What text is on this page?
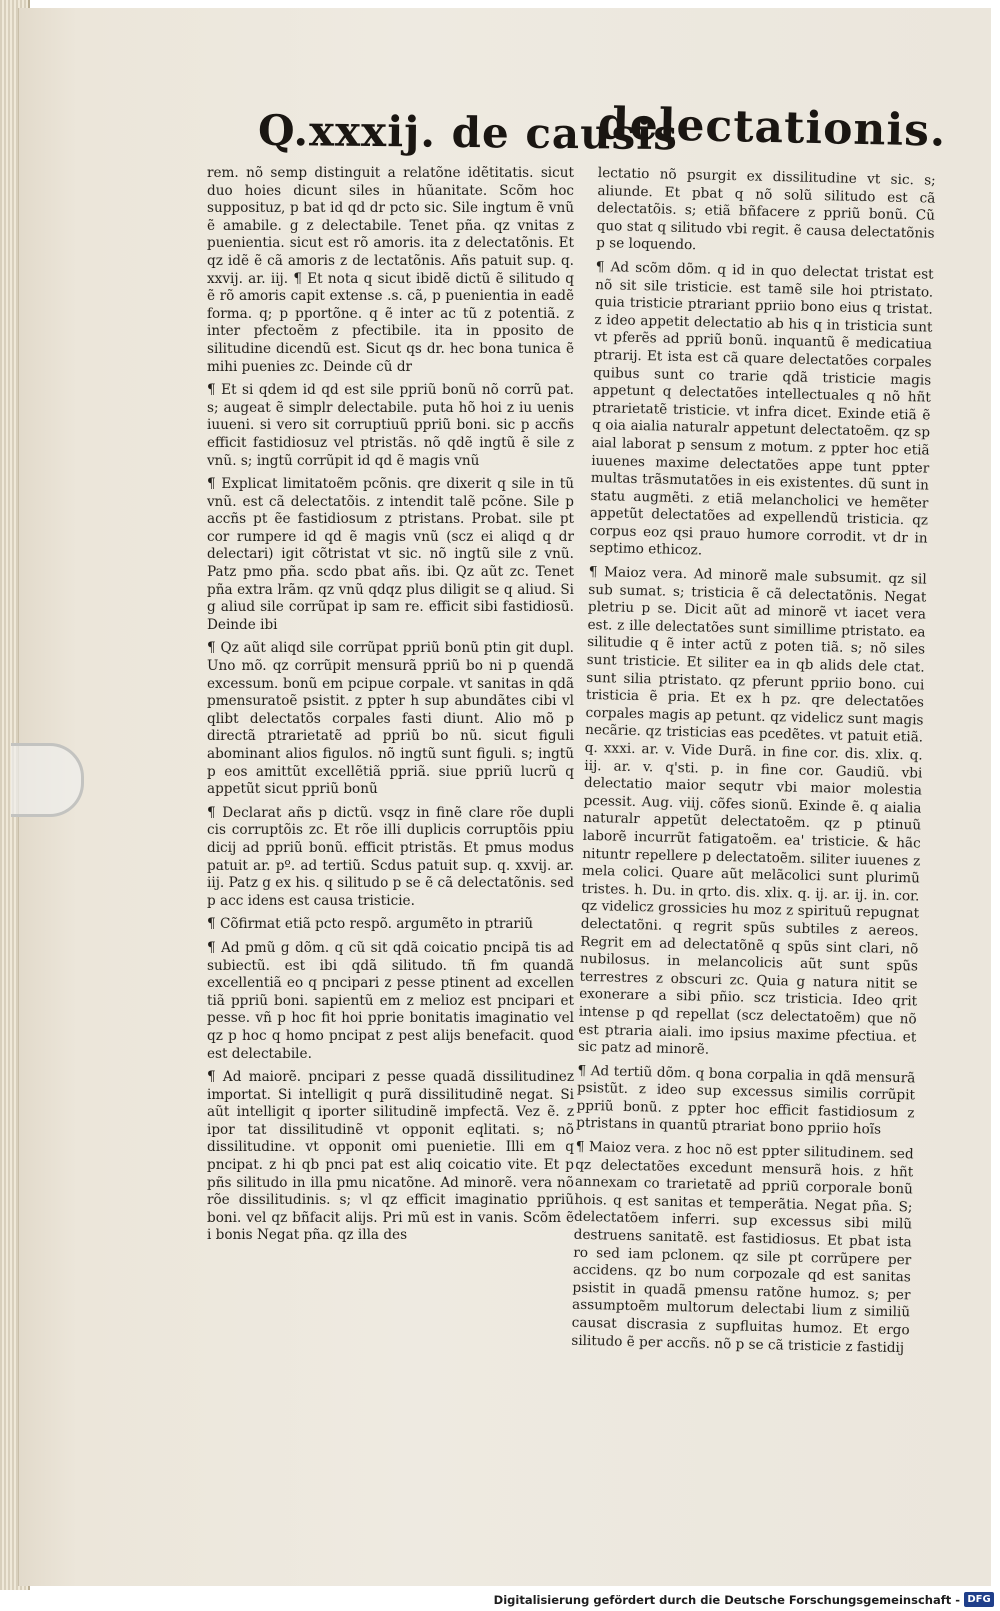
Q.xxxij. de causis
delectationis.

rem. nõ semp distinguit a relatõne idẽtitatis. sicut duo hoies dicunt siles in hũanitate. Scõm hoc supposituz, p bat id qd dr pcto sic. Sile ingtum ẽ vnũ ẽ amabile. g z delectabile. Tenet pña. qz vnitas z puenientia. sicut est rõ amoris. ita z delectatõnis. Et qz idẽ ẽ cã amoris z de lectatõnis. Añs patuit sup. q. xxvij. ar. iij. ¶ Et nota q sicut ibidẽ dictũ ẽ silitudo q ẽ rõ amoris capit extense .s. cã, p puenientia in eadẽ forma. q; p pportõne. q ẽ inter ac tũ z potentiã. z inter pfectoẽm z pfectibile. ita in pposito de silitudine dicendũ est. Sicut qs dr. hec bona tunica ẽ mihi puenies zc. Deinde cũ dr

¶ Et si qdem id qd est sile ppriũ bonũ nõ corrũ pat. s; augeat ẽ simplr delectabile. puta hõ hoi z iu uenis iuueni. si vero sit corruptiuũ ppriũ boni. sic p accñs efficit fastidiosuz vel ptristãs. nõ qdẽ ingtũ ẽ sile z vnũ. s; ingtũ corrũpit id qd ẽ magis vnũ

¶ Explicat limitatoẽm pcõnis. qre dixerit q sile in tũ vnũ. est cã delectatõis. z intendit talẽ pcõne. Sile p accñs pt ẽe fastidiosum z ptristans. Probat. sile pt cor rumpere id qd ẽ magis vnũ (scz ei aliqd q dr delectari) igit cõtristat vt sic. nõ ingtũ sile z vnũ. Patz pmo pña. scdo pbat añs. ibi. Qz aũt zc. Tenet pña extra lrãm. qz vnũ qdqz plus diligit se q aliud. Si g aliud sile corrũpat ip sam re. efficit sibi fastidiosũ. Deinde ibi

¶ Qz aũt aliqd sile corrũpat ppriũ bonũ ptin git dupl. Uno mõ. qz corrũpit mensurã ppriũ bo ni p quendã excessum. bonũ em pcipue corpale. vt sanitas in qdã pmensuratoẽ psistit. z ppter h sup abundãtes cibi vl qlibt delectatõs corpales fasti diunt. Alio mõ p directã ptrarietatẽ ad ppriũ bo nũ. sicut figuli abominant alios figulos. nõ ingtũ sunt figuli. s; ingtũ p eos amittũt excellẽtiã ppriã. siue ppriũ lucrũ q appetũt sicut ppriũ bonũ

¶ Declarat añs p dictũ. vsqz in finẽ clare rõe dupli cis corruptõis zc. Et rõe illi duplicis corruptõis ppiu dicij ad ppriũ bonũ. efficit ptristãs. Et pmus modus patuit ar. pº. ad tertiũ. Scdus patuit sup. q. xxvij. ar. iij. Patz g ex his. q silitudo p se ẽ cã delectatõnis. sed p acc idens est causa tristicie.

¶ Cõfirmat etiã pcto respõ. argumẽto in ptrariũ

¶ Ad pmũ g dõm. q cũ sit qdã coicatio pncipã tis ad subiectũ. est ibi qdã silitudo. tñ fm quandã excellentiã eo q pncipari z pesse ptinent ad excellen tiã ppriũ boni. sapientũ em z melioz est pncipari et pesse. vñ p hoc fit hoi pprie bonitatis imaginatio vel qz p hoc q homo pncipat z pest alijs benefacit. quod est delectabile.

¶ Ad maiorẽ. pncipari z pesse quadã dissilitudinez importat. Si intelligit q purã dissilitudinẽ negat. Si aũt intelligit q iporter silitudinẽ impfectã. Vez ẽ. z ipor tat dissilitudinẽ vt opponit eqlitati. s; nõ dissilitudine. vt opponit omi puenietie. Illi em q pncipat. z hi qb pnci pat est aliq coicatio vite. Et p pñs silitudo in illa pmu nicatõne. Ad minorẽ. vera nõ rõe dissilitudinis. s; vl qz efficit imaginatio ppriũ boni. vel qz bñfacit alijs. Pri mũ est in vanis. Scõm ẽ i bonis Negat pña. qz illa des

lectatio nõ psurgit ex dissilitudine vt sic. s; aliunde. Et pbat q nõ solũ silitudo est cã delectatõis. s; etiã bñfacere z ppriũ bonũ. Cũ quo stat q silitudo vbi regit. ẽ causa delectatõnis p se loquendo.

¶ Ad scõm dõm. q id in quo delectat tristat est nõ sit sile tristicie. est tamẽ sile hoi ptristato. quia tristicie ptrariant ppriio bono eius q tristat. z ideo appetit delectatio ab his q in tristicia sunt vt pferẽs ad ppriũ bonũ. inquantũ ẽ medicatiua ptrarij. Et ista est cã quare delectatões corpales quibus sunt co trarie qdã tristicie magis appetunt q delectatões intellectuales q nõ hñt ptrarietatẽ tristicie. vt infra dicet. Exinde etiã ẽ q oia aialia naturalr appetunt delectatoẽm. qz sp aial laborat p sensum z motum. z ppter hoc etiã iuuenes maxime delectatões appe tunt ppter multas trãsmutatões in eis existentes. dũ sunt in statu augmẽti. z etiã melancholici ve hemẽter appetũt delectatões ad expellendũ tristicia. qz corpus eoz qsi prauo humore corrodit. vt dr in septimo ethicoz.

¶ Maioz vera. Ad minorẽ male subsumit. qz sil sub sumat. s; tristicia ẽ cã delectatõnis. Negat pletriu p se. Dicit aũt ad minorẽ vt iacet vera est. z ille delectatões sunt simillime ptristato. ea silitudie q ẽ inter actũ z poten tiã. s; nõ siles sunt tristicie. Et siliter ea in qb alids dele ctat. sunt silia ptristato. qz pferunt ppriio bono. cui tristicia ẽ pria. Et ex h pz. qre delectatões corpales magis ap petunt. qz videlicz sunt magis necãrie. qz tristicias eas pcedẽtes. vt patuit etiã. q. xxxi. ar. v. Vide Durã. in fine cor. dis. xlix. q. iij. ar. v. q'sti. p. in fine cor. Gaudiũ. vbi delectatio maior sequtr vbi maior molestia pcessit. Aug. viij. cõfes sionũ. Exinde ẽ. q aialia naturalr appetũt delectatoẽm. qz p ptinuũ laborẽ incurrũt fatigatoẽm. ea' tristicie. & hãc nituntr repellere p delectatoẽm. siliter iuuenes z mela colici. Quare aũt melãcolici sunt plurimũ tristes. h. Du. in qrto. dis. xlix. q. ij. ar. ij. in. cor. qz videlicz grossicies hu moz z spirituũ repugnat delectatõni. q regrit spũs subtiles z aereos. Regrit em ad delectatõnẽ q spũs sint clari, nõ nubilosus. in melancolicis aũt sunt spũs terrestres z obscuri zc. Quia g natura nitit se exonerare a sibi pñio. scz tristicia. Ideo qrit intense p qd repellat (scz delectatoẽm) que nõ est ptraria aiali. imo ipsius maxime pfectiua. et sic patz ad minorẽ.

¶ Ad tertiũ dõm. q bona corpalia in qdã mensurã psistũt. z ideo sup excessus similis corrũpit ppriũ bonũ. z ppter hoc efficit fastidiosum z ptristans in quantũ ptrariat bono ppriio hoĩs

¶ Maioz vera. z hoc nõ est ppter silitudinem. sed qz delectatões excedunt mensurã hois. z hñt annexam co trarietatẽ ad ppriũ corporale bonũ hois. q est sanitas et temperãtia. Negat pña. S; delectatõem inferri. sup excessus sibi milũ destruens sanitatẽ. est fastidiosus. Et pbat ista ro sed iam pclonem. qz sile pt corrũpere per accidens. qz bo num corpozale qd est sanitas psistit in quadã pmensu ratõne humoz. s; per assumptoẽm multorum delectabi lium z similiũ causat discrasia z supfluitas humoz. Et ergo silitudo ẽ per accñs. nõ p se cã tristicie z fastidij

Digitalisierung gefördert durch die Deutsche Forschungsgemeinschaft - DFG
